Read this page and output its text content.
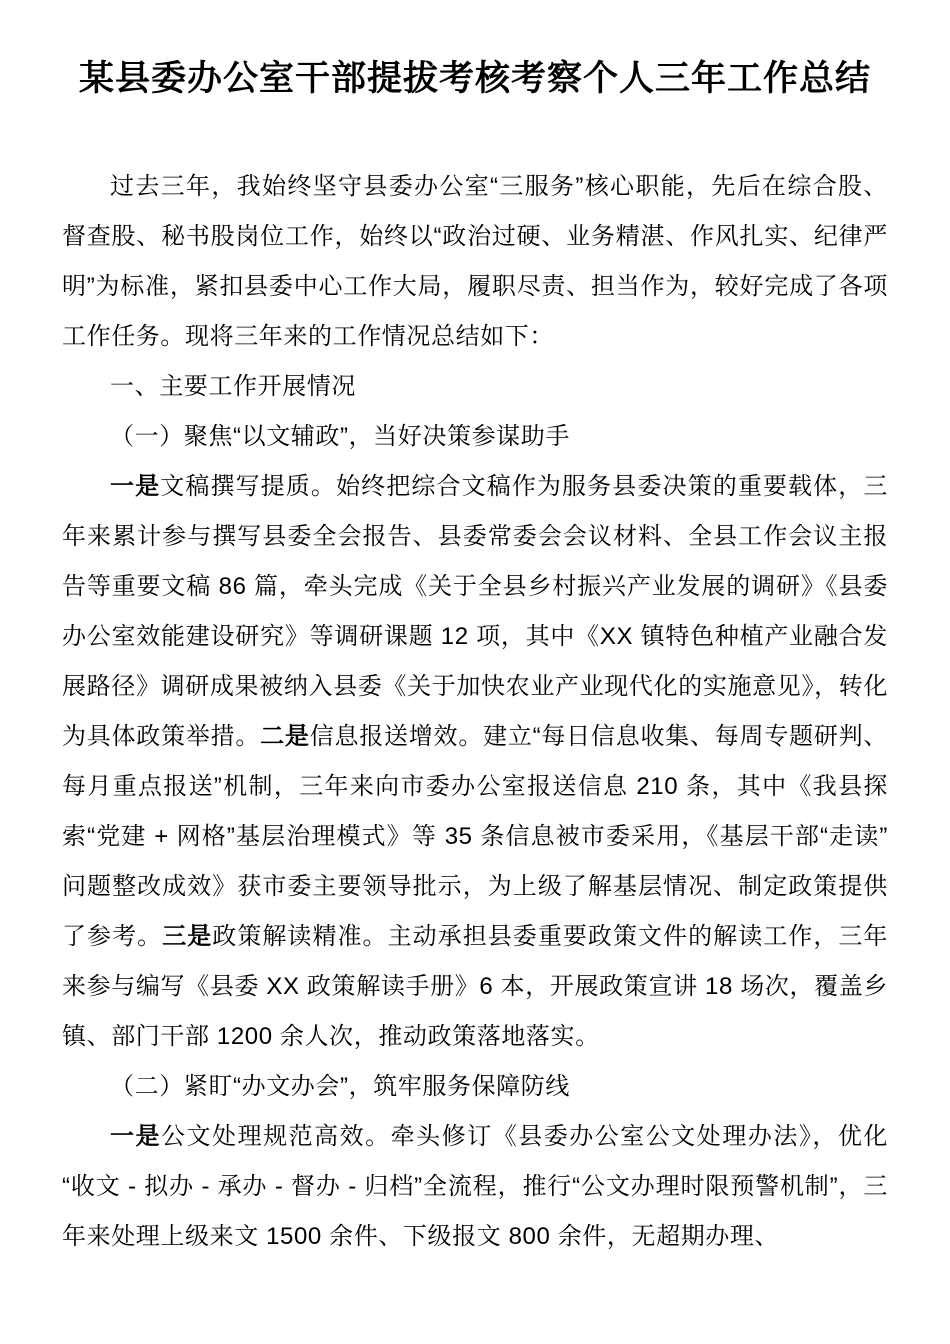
某县委办公室干部提拔考核考察个人三年工作总结

过去三年，我始终坚守县委办公室“三服务”核心职能，先后在综合股、督查股、秘书股岗位工作，始终以“政治过硬、业务精湛、作风扎实、纪律严明”为标准，紧扣县委中心工作大局，履职尽责、担当作为，较好完成了各项工作任务。现将三年来的工作情况总结如下：

一、主要工作开展情况

（一）聚焦“以文辅政”，当好决策参谋助手

一是文稿撰写提质。始终把综合文稿作为服务县委决策的重要载体，三年来累计参与撰写县委全会报告、县委常委会会议材料、全县工作会议主报告等重要文稿 86 篇，牵头完成《关于全县乡村振兴产业发展的调研》《县委办公室效能建设研究》等调研课题 12 项，其中《XX 镇特色种植产业融合发展路径》调研成果被纳入县委《关于加快农业产业现代化的实施意见》，转化为具体政策举措。二是信息报送增效。建立“每日信息收集、每周专题研判、每月重点报送”机制，三年来向市委办公室报送信息 210 条，其中《我县探索“党建 + 网格”基层治理模式》等 35 条信息被市委采用，《基层干部“走读”问题整改成效》获市委主要领导批示，为上级了解基层情况、制定政策提供了参考。三是政策解读精准。主动承担县委重要政策文件的解读工作，三年来参与编写《县委 XX 政策解读手册》6 本，开展政策宣讲 18 场次，覆盖乡镇、部门干部 1200 余人次，推动政策落地落实。

（二）紧盯“办文办会”，筑牢服务保障防线

一是公文处理规范高效。牵头修订《县委办公室公文处理办法》，优化“收文 - 拟办 - 承办 - 督办 - 归档”全流程，推行“公文办理时限预警机制”，三年来处理上级来文 1500 余件、下级报文 800 余件，无超期办理、
